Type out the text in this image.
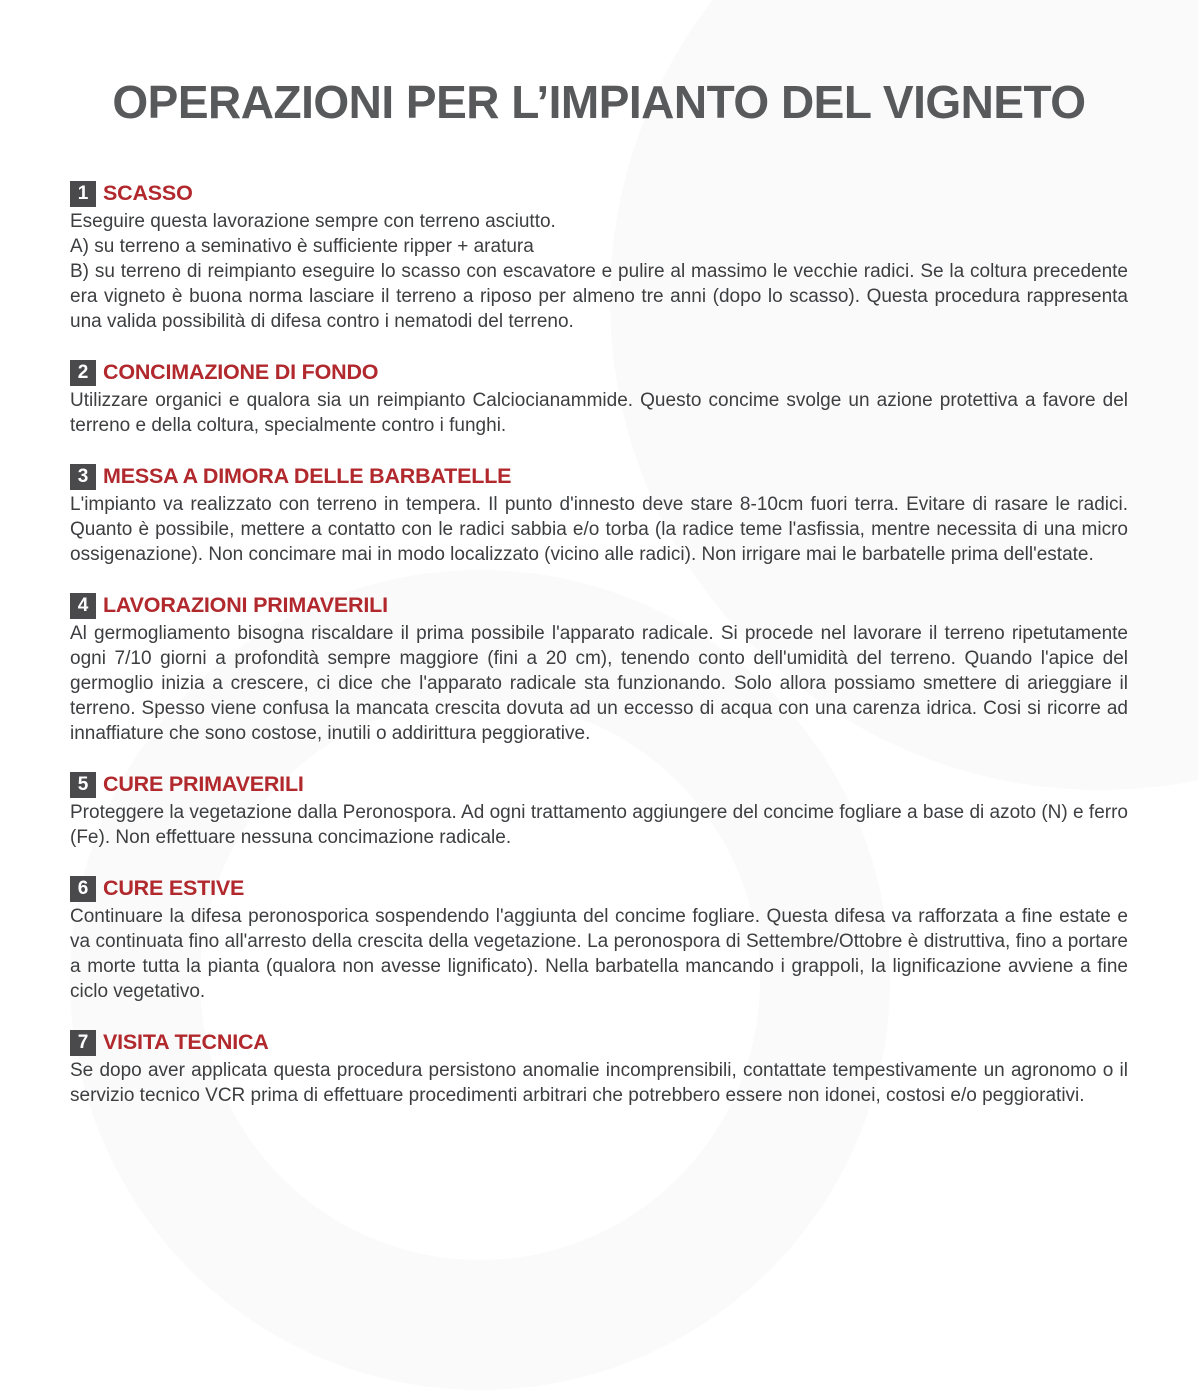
OPERAZIONI PER L’IMPIANTO DEL VIGNETO
1 SCASSO

Eseguire questa lavorazione sempre con terreno asciutto.

A) su terreno a seminativo è sufficiente ripper + aratura

B) su terreno di reimpianto eseguire lo scasso con escavatore e pulire al massimo le vecchie radici. Se la coltura precedente era vigneto è buona norma lasciare il terreno a riposo per almeno tre anni (dopo lo scasso). Questa procedura rappresenta una valida possibilità di difesa contro i nematodi del terreno.

2 CONCIMAZIONE DI FONDO

Utilizzare organici e qualora sia un reimpianto Calciocianammide. Questo concime svolge un azione protettiva a favore del terreno e della coltura, specialmente contro i funghi.

3 MESSA A DIMORA DELLE BARBATELLE

L'impianto va realizzato con terreno in tempera. Il punto d'innesto deve stare 8-10cm fuori terra. Evitare di rasare le radici. Quanto è possibile, mettere a contatto con le radici sabbia e/o torba (la radice teme l'asfissia, mentre necessita di una micro ossigenazione). Non concimare mai in modo localizzato (vicino alle radici). Non irrigare mai le barbatelle prima dell'estate.

4 LAVORAZIONI PRIMAVERILI

Al germogliamento bisogna riscaldare il prima possibile l'apparato radicale. Si procede nel lavorare il terreno ripetutamente ogni 7/10 giorni a profondità sempre maggiore (fini a 20 cm), tenendo conto dell'umidità del terreno. Quando l'apice del germoglio inizia a crescere, ci dice che l'apparato radicale sta funzionando. Solo allora possiamo smettere di arieggiare il terreno. Spesso viene confusa la mancata crescita dovuta ad un eccesso di acqua con una carenza idrica. Cosi si ricorre ad innaffiature che sono costose, inutili o addirittura peggiorative.

5 CURE PRIMAVERILI

Proteggere la vegetazione dalla Peronospora. Ad ogni trattamento aggiungere del concime fogliare a base di azoto (N) e ferro (Fe). Non effettuare nessuna concimazione radicale.

6 CURE ESTIVE

Continuare la difesa peronosporica sospendendo l'aggiunta del concime fogliare. Questa difesa va rafforzata a fine estate e va continuata fino all'arresto della crescita della vegetazione. La peronospora di Settembre/Ottobre è distruttiva, fino a portare a morte tutta la pianta (qualora non avesse lignificato). Nella barbatella mancando i grappoli, la lignificazione avviene a fine ciclo vegetativo.

7 VISITA TECNICA

Se dopo aver applicata questa procedura persistono anomalie incomprensibili, contattate tempestivamente un agronomo o il servizio tecnico VCR prima di effettuare procedimenti arbitrari che potrebbero essere non idonei, costosi e/o peggiorativi.
